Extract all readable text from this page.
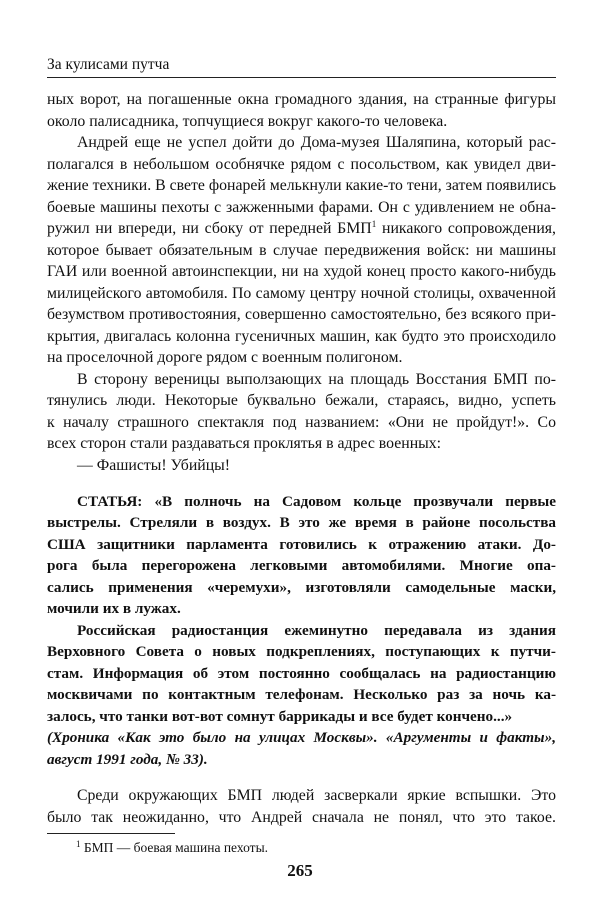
За кулисами путча
ных ворот, на погашенные окна громадного здания, на странные фигуры
около палисадника, топчущиеся вокруг какого-то человека.
Андрей еще не успел дойти до Дома-музея Шаляпина, который рас-
полагался в небольшом особнячке рядом с посольством, как увидел дви-
жение техники. В свете фонарей мелькнули какие-то тени, затем появились
боевые машины пехоты с зажженными фарами. Он с удивлением не обна-
ружил ни впереди, ни сбоку от передней БМП$^1$ никакого сопровождения,
которое бывает обязательным в случае передвижения войск: ни машины
ГАИ или военной автоинспекции, ни на худой конец просто какого-нибудь
милицейского автомобиля. По самому центру ночной столицы, охваченной
безумством противостояния, совершенно самостоятельно, без всякого при-
крытия, двигалась колонна гусеничных машин, как будто это происходило
на проселочной дороге рядом с военным полигоном.
В сторону вереницы выползающих на площадь Восстания БМП по-
тянулись люди. Некоторые буквально бежали, стараясь, видно, успеть
к началу страшного спектакля под названием: «Они не пройдут!». Со
всех сторон стали раздаваться проклятья в адрес военных:
— Фашисты! Убийцы!
СТАТЬЯ: «В полночь на Садовом кольце прозвучали первые
выстрелы. Стреляли в воздух. В это же время в районе посольства
США защитники парламента готовились к отражению атаки. До-
рога была перегорожена легковыми автомобилями. Многие опа-
сались применения «черемухи», изготовляли самодельные маски,
мочили их в лужах.
Российская радиостанция ежеминутно передавала из здания
Верховного Совета о новых подкреплениях, поступающих к путчи-
стам. Информация об этом постоянно сообщалась на радиостанцию
москвичами по контактным телефонам. Несколько раз за ночь ка-
залось, что танки вот-вот сомнут баррикады и все будет кончено...»
(Хроника «Как это было на улицах Москвы». «Аргументы и факты»,
август 1991 года, № 33).
Среди окружающих БМП людей засверкали яркие вспышки. Это
было так неожиданно, что Андрей сначала не понял, что это такое.
$^1$ БМП — боевая машина пехоты.
265
